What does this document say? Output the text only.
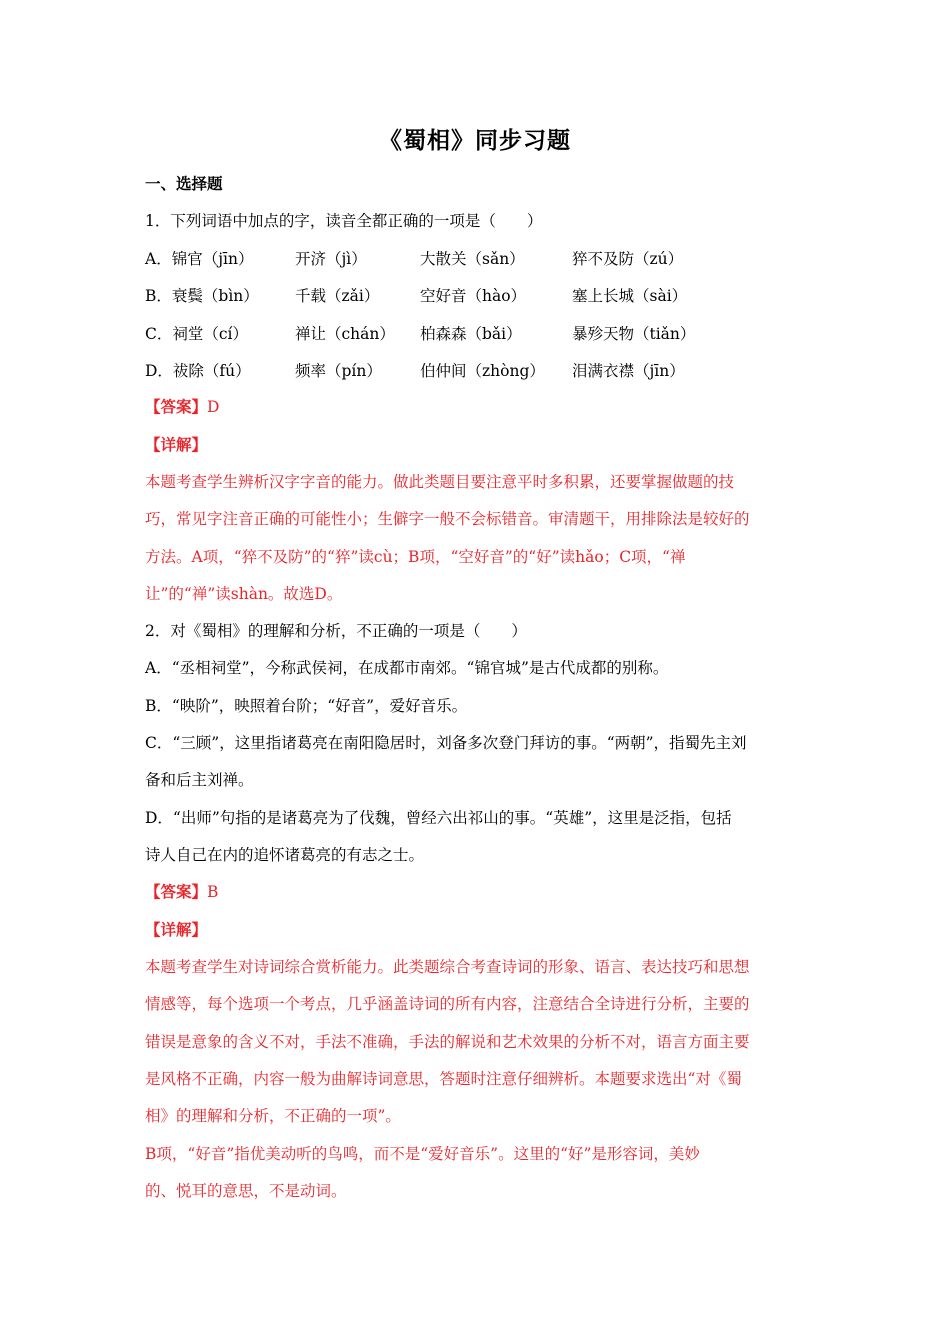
《蜀相》同步习题
一、选择题
1．下列词语中加点的字，读音全都正确的一项是（　　）
A．锦官（jīn）	开济（jì）	大散关（sǎn）	猝不及防（zú）
B．衰鬓（bìn） 千载（zǎi）	空好音（hào）	塞上长城（sài）
C．祠堂（cí）	禅让（chán） 柏森森（bǎi）	暴殄天物（tiǎn）
D．祓除（fú）	频率（pín） 伯仲间（zhòng） 泪满衣襟（jīn）
【答案】D
【详解】
本题考查学生辨析汉字字音的能力。做此类题目要注意平时多积累，还要掌握做题的技
巧，常见字注音正确的可能性小；生僻字一般不会标错音。审清题干，用排除法是较好的
方法。A项，“猝不及防”的“猝”读cù；B项，“空好音”的“好”读hǎo；C项，“禅
让”的“禅”读shàn。故选D。
2．对《蜀相》的理解和分析，不正确的一项是（　　）
A．“丞相祠堂”，今称武侯祠，在成都市南郊。“锦官城”是古代成都的别称。
B．“映阶”，映照着台阶；“好音”，爱好音乐。
C．“三顾”，这里指诸葛亮在南阳隐居时，刘备多次登门拜访的事。“两朝”，指蜀先主刘
备和后主刘禅。
D．“出师”句指的是诸葛亮为了伐魏，曾经六出祁山的事。“英雄”，这里是泛指，包括
诗人自己在内的追怀诸葛亮的有志之士。
【答案】B
【详解】
本题考查学生对诗词综合赏析能力。此类题综合考查诗词的形象、语言、表达技巧和思想
情感等，每个选项一个考点，几乎涵盖诗词的所有内容，注意结合全诗进行分析，主要的
错误是意象的含义不对，手法不准确，手法的解说和艺术效果的分析不对，语言方面主要
是风格不正确，内容一般为曲解诗词意思，答题时注意仔细辨析。本题要求选出“对《蜀
相》的理解和分析，不正确的一项”。
B项，“好音”指优美动听的鸟鸣，而不是“爱好音乐”。这里的“好”是形容词，美妙
的、悦耳的意思，不是动词。
